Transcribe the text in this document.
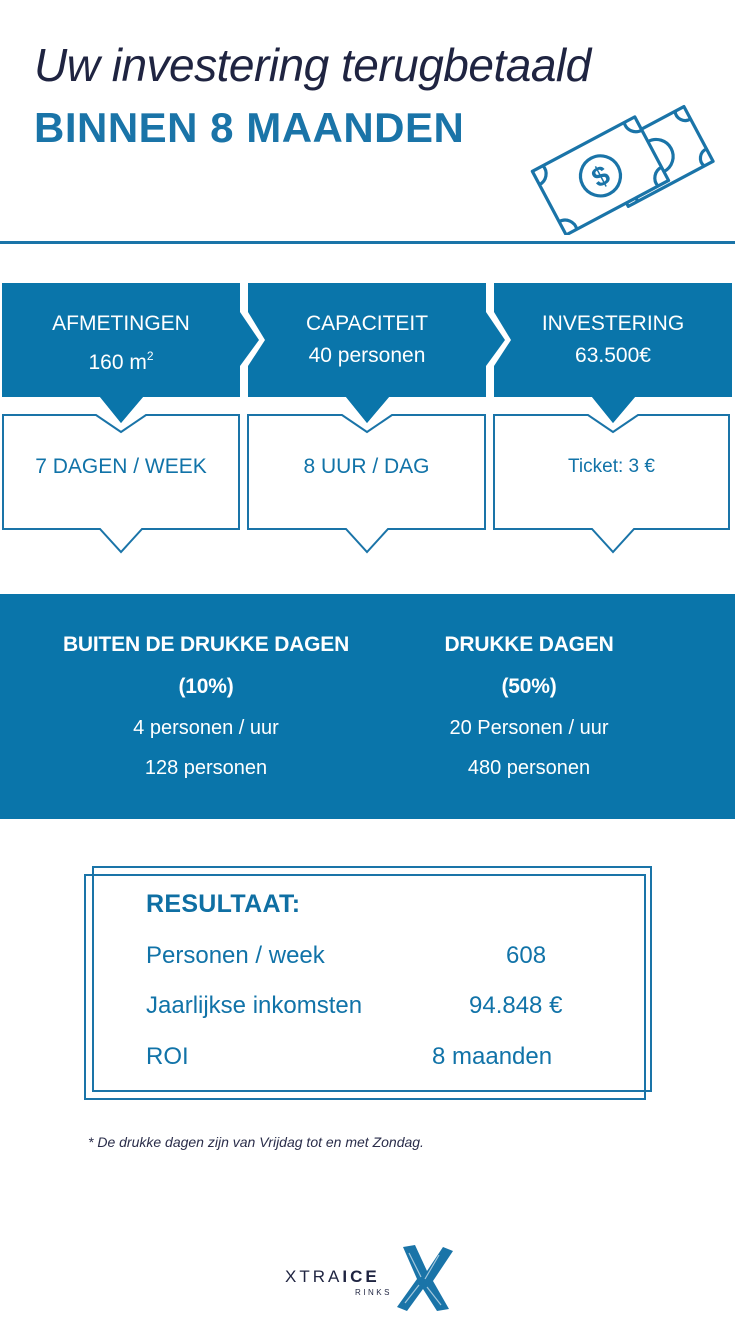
Uw investering terugbetaald
BINNEN 8 MAANDEN
$
AFMETINGEN
160 $m^2$
7 DAGEN / WEEK
CAPACITEIT
40 personen
8 UUR / DAG
INVESTERING
63.500€
Ticket: 3 €
BUITEN DE DRUKKE DAGEN
(10%)
4 personen / uur
128 personen
DRUKKE DAGEN
(50%)
20 Personen / uur
480 personen
RESULTAAT:
Personen / week	608
Jaarlijkse inkomsten	94.848 €
ROI	8 maanden
* De drukke dagen zijn van Vrijdag tot en met Zondag.
XTRAICE
RINKS
